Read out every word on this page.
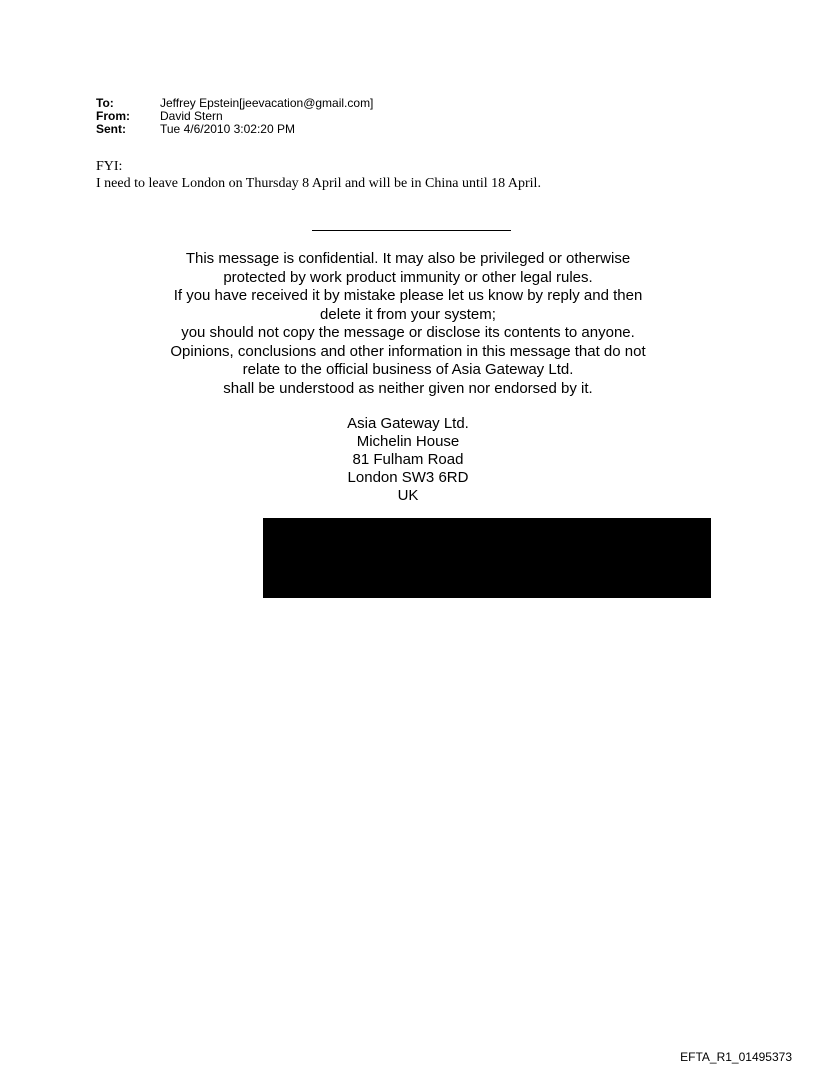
To:	Jeffrey Epstein[jeevacation@gmail.com]
From:	David Stern
Sent:	Tue 4/6/2010 3:02:20 PM
FYI:
I need to leave London on Thursday 8 April and will be in China until 18 April.
This message is confidential. It may also be privileged or otherwise
protected by work product immunity or other legal rules.
If you have received it by mistake please let us know by reply and then
delete it from your system;
you should not copy the message or disclose its contents to anyone.
Opinions, conclusions and other information in this message that do not
relate to the official business of Asia Gateway Ltd.
shall be understood as neither given nor endorsed by it.
Asia Gateway Ltd.
Michelin House
81 Fulham Road
London SW3 6RD
UK
EFTA_R1_01495373
